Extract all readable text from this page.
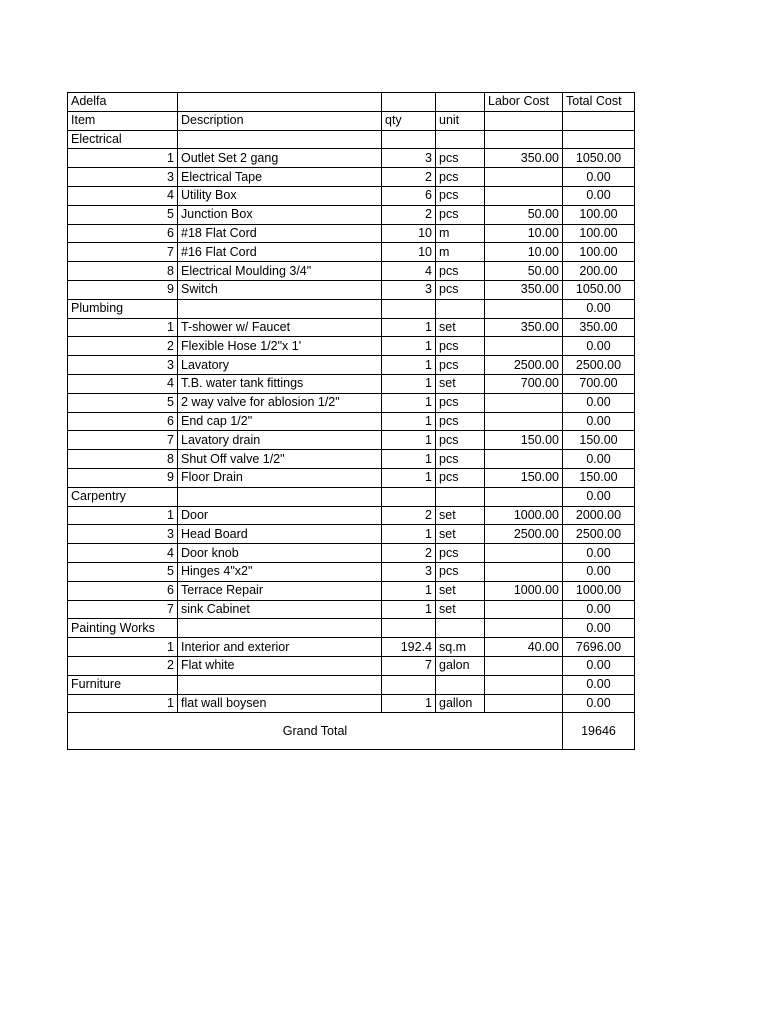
Adelfa				Labor Cost	Total Cost
Item	Description	qty	unit		
Electrical					
1	Outlet Set 2 gang	3	pcs	350.00	1050.00
3	Electrical Tape	2	pcs		0.00
4	Utility Box	6	pcs		0.00
5	Junction Box	2	pcs	50.00	100.00
6	#18 Flat Cord	10	m	10.00	100.00
7	#16 Flat Cord	10	m	10.00	100.00
8	Electrical Moulding 3/4"	4	pcs	50.00	200.00
9	Switch	3	pcs	350.00	1050.00
Plumbing					0.00
1	T-shower w/ Faucet	1	set	350.00	350.00
2	Flexible Hose 1/2"x 1'	1	pcs		0.00
3	Lavatory	1	pcs	2500.00	2500.00
4	T.B. water tank fittings	1	set	700.00	700.00
5	2 way valve for ablosion 1/2"	1	pcs		0.00
6	End cap 1/2"	1	pcs		0.00
7	Lavatory drain	1	pcs	150.00	150.00
8	Shut Off valve 1/2"	1	pcs		0.00
9	Floor Drain	1	pcs	150.00	150.00
Carpentry					0.00
1	Door	2	set	1000.00	2000.00
3	Head Board	1	set	2500.00	2500.00
4	Door knob	2	pcs		0.00
5	Hinges 4"x2"	3	pcs		0.00
6	Terrace Repair	1	set	1000.00	1000.00
7	sink Cabinet	1	set		0.00
Painting Works					0.00
1	Interior and exterior	192.4	sq.m	40.00	7696.00
2	Flat white	7	galon		0.00
Furniture					0.00
1	flat wall boysen	1	gallon		0.00
Grand Total					19646
